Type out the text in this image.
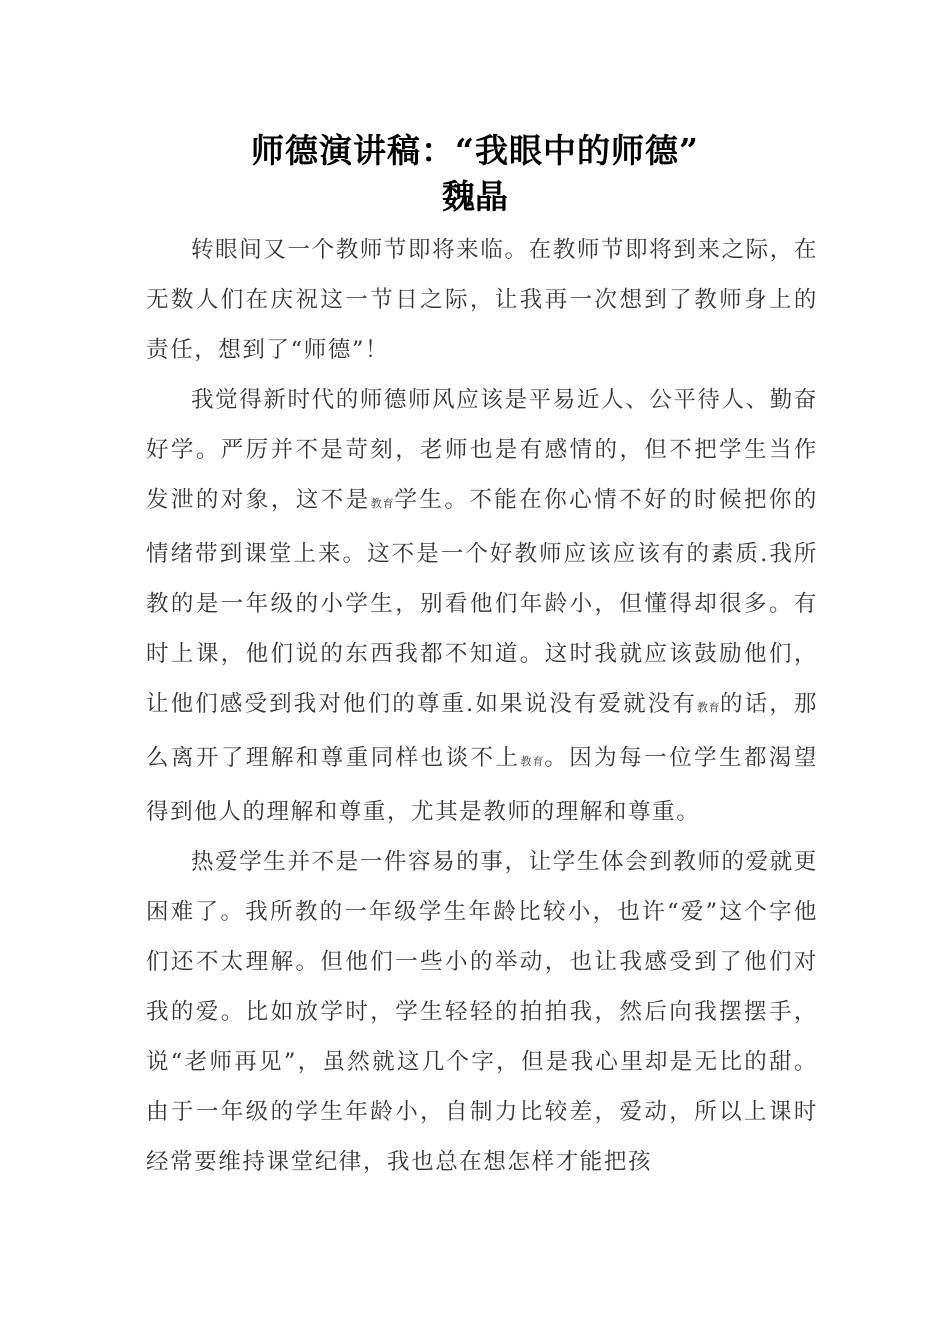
师德演讲稿：“我眼中的师德”
魏晶

转眼间又一个教师节即将来临。在教师节即将到来之际，在无数人们在庆祝这一节日之际，让我再一次想到了教师身上的责任，想到了“师德”！

我觉得新时代的师德师风应该是平易近人、公平待人、勤奋好学。严厉并不是苛刻，老师也是有感情的，但不把学生当作发泄的对象，这不是教育学生。不能在你心情不好的时候把你的情绪带到课堂上来。这不是一个好教师应该应该有的素质.我所教的是一年级的小学生，别看他们年龄小，但懂得却很多。有时上课，他们说的东西我都不知道。这时我就应该鼓励他们，让他们感受到我对他们的尊重.如果说没有爱就没有教育的话，那么离开了理解和尊重同样也谈不上教育。因为每一位学生都渴望得到他人的理解和尊重，尤其是教师的理解和尊重。

热爱学生并不是一件容易的事，让学生体会到教师的爱就更困难了。我所教的一年级学生年龄比较小，也许“爱”这个字他们还不太理解。但他们一些小的举动，也让我感受到了他们对我的爱。比如放学时，学生轻轻的拍拍我，然后向我摆摆手，说“老师再见”，虽然就这几个字，但是我心里却是无比的甜。由于一年级的学生年龄小，自制力比较差，爱动，所以上课时经常要维持课堂纪律，我也总在想怎样才能把孩
